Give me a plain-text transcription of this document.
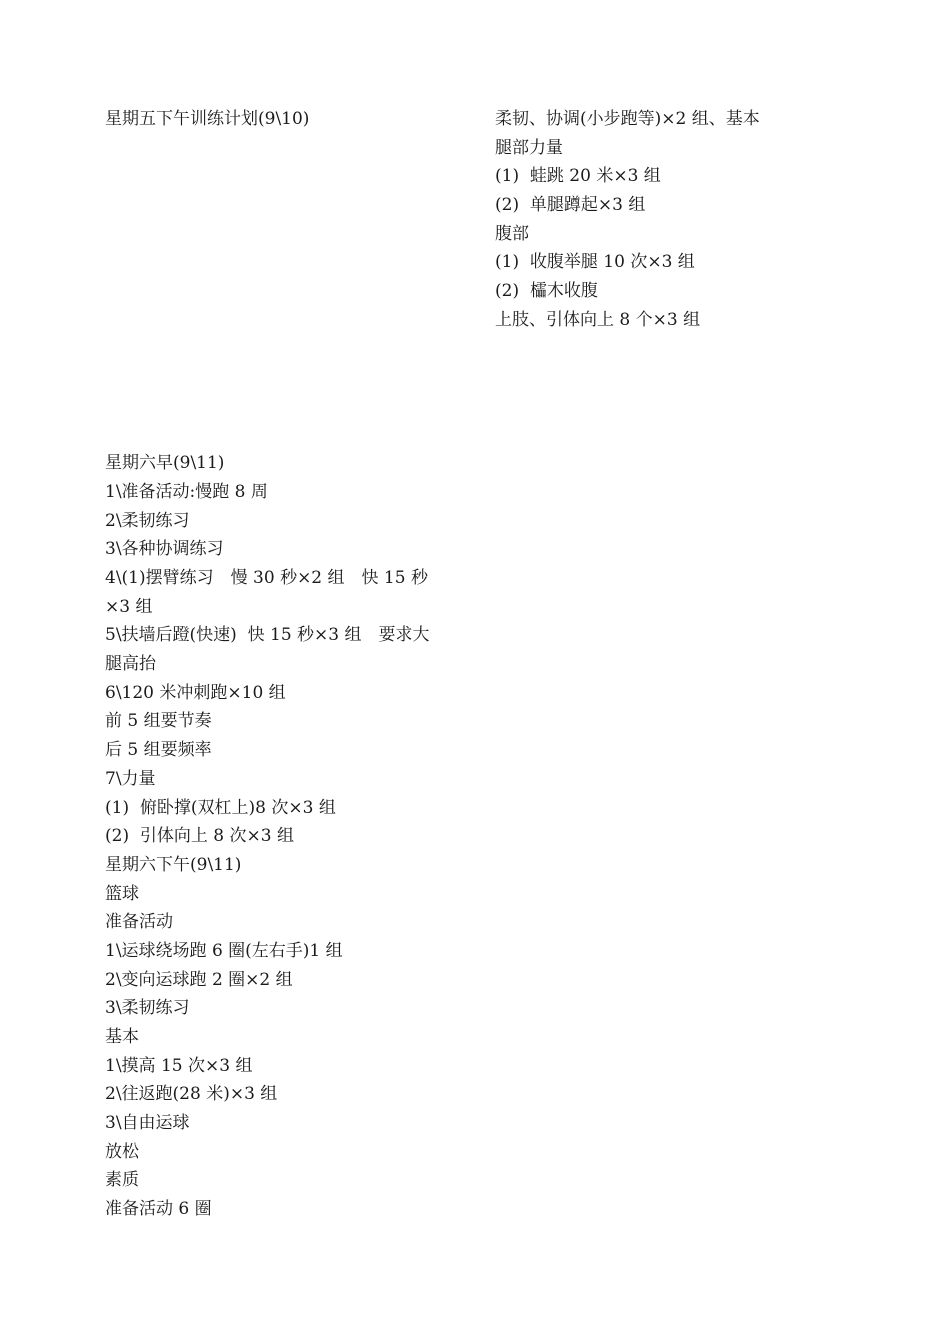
星期五下午训练计划(9\10)
星期六早(9\11)
1\准备活动:慢跑 8 周
2\柔韧练习
3\各种协调练习
4\(1)摆臂练习　慢 30 秒×2 组　快 15 秒
×3 组
5\扶墙后蹬(快速)  快 15 秒×3 组　要求大
腿高抬
6\120 米冲刺跑×10 组
前 5 组要节奏
后 5 组要频率
7\力量
(1)  俯卧撑(双杠上)8 次×3 组
(2)  引体向上 8 次×3 组
星期六下午(9\11)
篮球
准备活动
1\运球绕场跑 6 圈(左右手)1 组
2\变向运球跑 2 圈×2 组
3\柔韧练习
基本
1\摸高 15 次×3 组
2\往返跑(28 米)×3 组
3\自由运球
放松
素质
准备活动 6 圈
柔韧、协调(小步跑等)×2 组、基本
腿部力量
(1)  蛙跳 20 米×3 组
(2)  单腿蹲起×3 组
腹部
(1)  收腹举腿 10 次×3 组
(2)  櫺木收腹
上肢、引体向上 8 个×3 组
